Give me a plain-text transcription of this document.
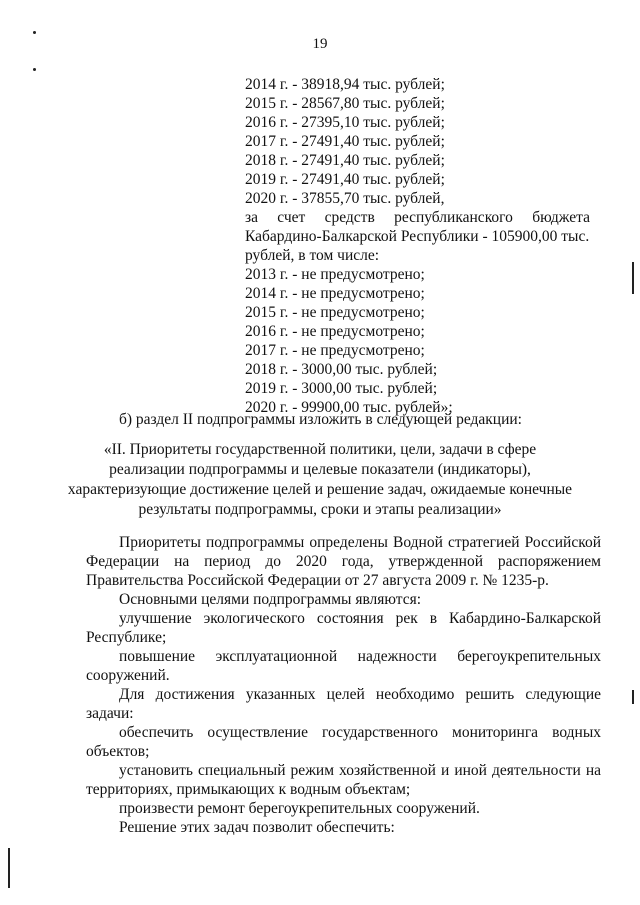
19
2014 г. - 38918,94 тыс. рублей;
2015 г. - 28567,80 тыс. рублей;
2016 г. - 27395,10 тыс. рублей;
2017 г. - 27491,40 тыс. рублей;
2018 г. - 27491,40 тыс. рублей;
2019 г. - 27491,40 тыс. рублей;
2020 г. - 37855,70 тыс. рублей,
за счет средств республиканского бюджета
Кабардино-Балкарской Республики - 105900,00 тыс.
рублей, в том числе:
2013 г. - не предусмотрено;
2014 г. - не предусмотрено;
2015 г. - не предусмотрено;
2016 г. - не предусмотрено;
2017 г. - не предусмотрено;
2018 г. - 3000,00 тыс. рублей;
2019 г. - 3000,00 тыс. рублей;
2020 г. - 99900,00 тыс. рублей»;
б) раздел II подпрограммы изложить в следующей редакции:
«II. Приоритеты государственной политики, цели, задачи в сфере
реализации подпрограммы и целевые показатели (индикаторы),
характеризующие достижение целей и решение задач, ожидаемые конечные
результаты подпрограммы, сроки и этапы реализации»
Приоритеты подпрограммы определены Водной стратегией Российской
Федерации на период до 2020 года, утвержденной распоряжением
Правительства Российской Федерации от 27 августа 2009 г. № 1235-р.
Основными целями подпрограммы являются:
улучшение экологического состояния рек в Кабардино-Балкарской
Республике;
повышение эксплуатационной надежности берегоукрепительных
сооружений.
Для достижения указанных целей необходимо решить следующие
задачи:
обеспечить осуществление государственного мониторинга водных
объектов;
установить специальный режим хозяйственной и иной деятельности на
территориях, примыкающих к водным объектам;
произвести ремонт берегоукрепительных сооружений.
Решение этих задач позволит обеспечить:
